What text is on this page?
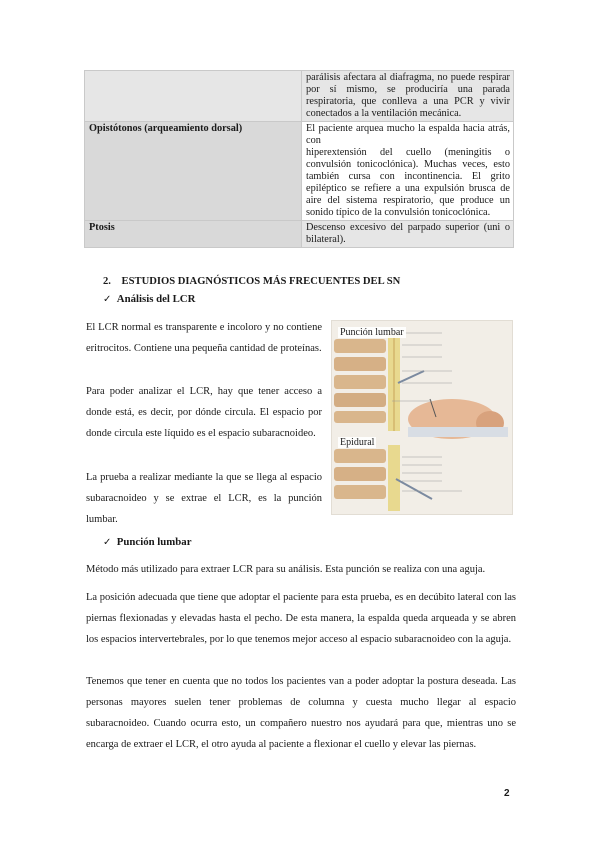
	parálisis afectara al diafragma, no puede respirar por sí mismo, se produciría una parada respiratoria, que conlleva a una PCR y vivir conectados a la ventilación mecánica.
Opistótonos (arqueamiento dorsal)	El paciente arquea mucho la espalda hacia atrás, con
hiperextensión del cuello (meningitis o convulsión tonicoclónica). Muchas veces, esto también cursa con incontinencia. El grito epiléptico se refiere a una expulsión brusca de aire del sistema respiratorio, que produce un sonido típico de la convulsión tonicoclónica.

Ptosis	Descenso excesivo del parpado superior (uni o bilateral).
2. ESTUDIOS DIAGNÓSTICOS MÁS FRECUENTES DEL SN
✓ Análisis del LCR
El LCR normal es transparente e incoloro y no contiene eritrocitos. Contiene una pequeña cantidad de proteínas.
Para poder analizar el LCR, hay que tener acceso a donde está, es decir, por dónde circula. El espacio por donde circula este líquido es el espacio subaracnoideo.
La prueba a realizar mediante la que se llega al espacio subaracnoideo y se extrae el LCR, es la punción lumbar.
Punción lumbar
Epidural
✓ Punción lumbar
Método más utilizado para extraer LCR para su análisis. Esta punción se realiza con una aguja.
La posición adecuada que tiene que adoptar el paciente para esta prueba, es en decúbito lateral con las piernas flexionadas y elevadas hasta el pecho. De esta manera, la espalda queda arqueada y se abren los espacios intervertebrales, por lo que tenemos mejor acceso al espacio subaracnoideo con la aguja.
Tenemos que tener en cuenta que no todos los pacientes van a poder adoptar la postura deseada. Las personas mayores suelen tener problemas de columna y cuesta mucho llegar al espacio subaracnoideo. Cuando ocurra esto, un compañero nuestro nos ayudará para que, mientras uno se encarga de extraer el LCR, el otro ayuda al paciente a flexionar el cuello y elevar las piernas.
2
